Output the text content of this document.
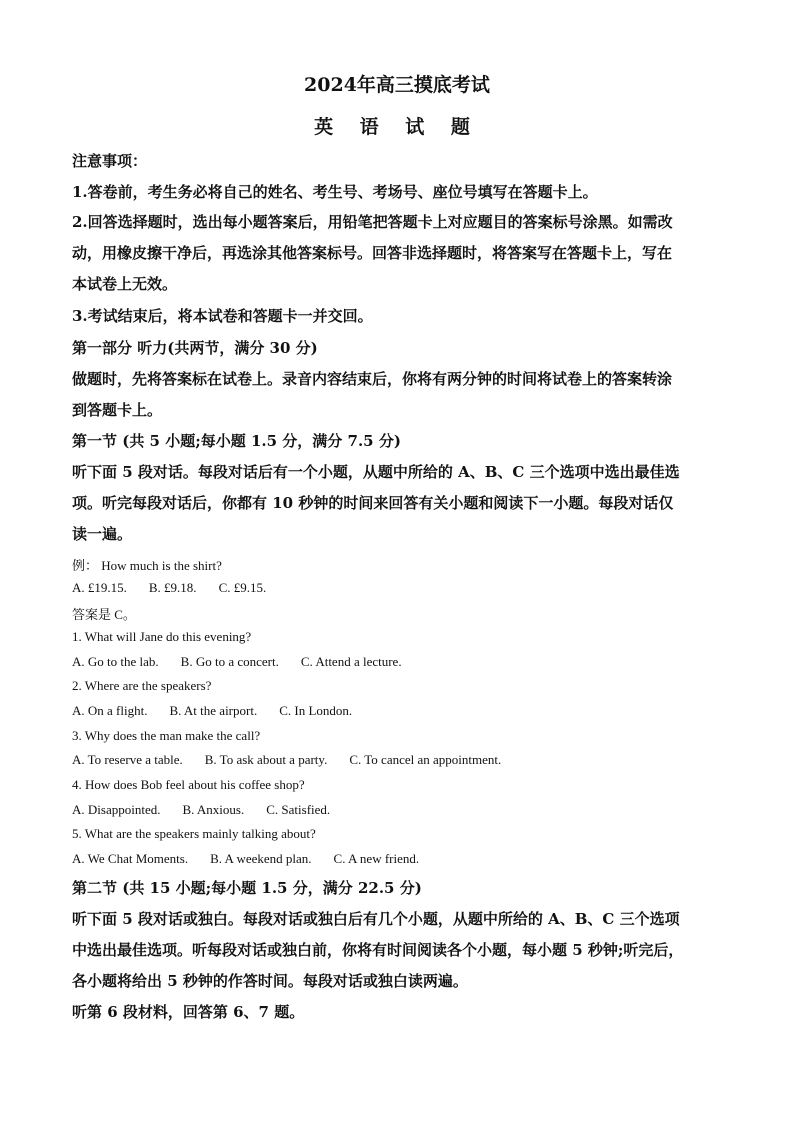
2024年高三摸底考试
英 语 试 题
注意事项：
1.答卷前，考生务必将自己的姓名、考生号、考场号、座位号填写在答题卡上。
2.回答选择题时，选出每小题答案后，用铅笔把答题卡上对应题目的答案标号涂黑。如需改
动，用橡皮擦干净后，再选涂其他答案标号。回答非选择题时，将答案写在答题卡上，写在
本试卷上无效。
3.考试结束后，将本试卷和答题卡一并交回。
第一部分 听力(共两节，满分 30 分)
做题时，先将答案标在试卷上。录音内容结束后，你将有两分钟的时间将试卷上的答案转涂
到答题卡上。
第一节 (共 5 小题;每小题 1.5 分，满分 7.5 分)
听下面 5 段对话。每段对话后有一个小题，从题中所给的 A、B、C 三个选项中选出最佳选
项。听完每段对话后，你都有 10 秒钟的时间来回答有关小题和阅读下一小题。每段对话仅
读一遍。
例： How much is the shirt?
A. £19.15. B. £9.18. C. £9.15.
答案是 C。
1. What will Jane do this evening?
A. Go to the lab. B. Go to a concert. C. Attend a lecture.
2. Where are the speakers?
A. On a flight. B. At the airport. C. In London.
3. Why does the man make the call?
A. To reserve a table. B. To ask about a party. C. To cancel an appointment.
4. How does Bob feel about his coffee shop?
A. Disappointed. B. Anxious. C. Satisfied.
5. What are the speakers mainly talking about?
A. We Chat Moments. B. A weekend plan. C. A new friend.
第二节 (共 15 小题;每小题 1.5 分，满分 22.5 分)
听下面 5 段对话或独白。每段对话或独白后有几个小题，从题中所给的 A、B、C 三个选项
中选出最佳选项。听每段对话或独白前，你将有时间阅读各个小题，每小题 5 秒钟;听完后，
各小题将给出 5 秒钟的作答时间。每段对话或独白读两遍。
听第 6 段材料，回答第 6、7 题。
